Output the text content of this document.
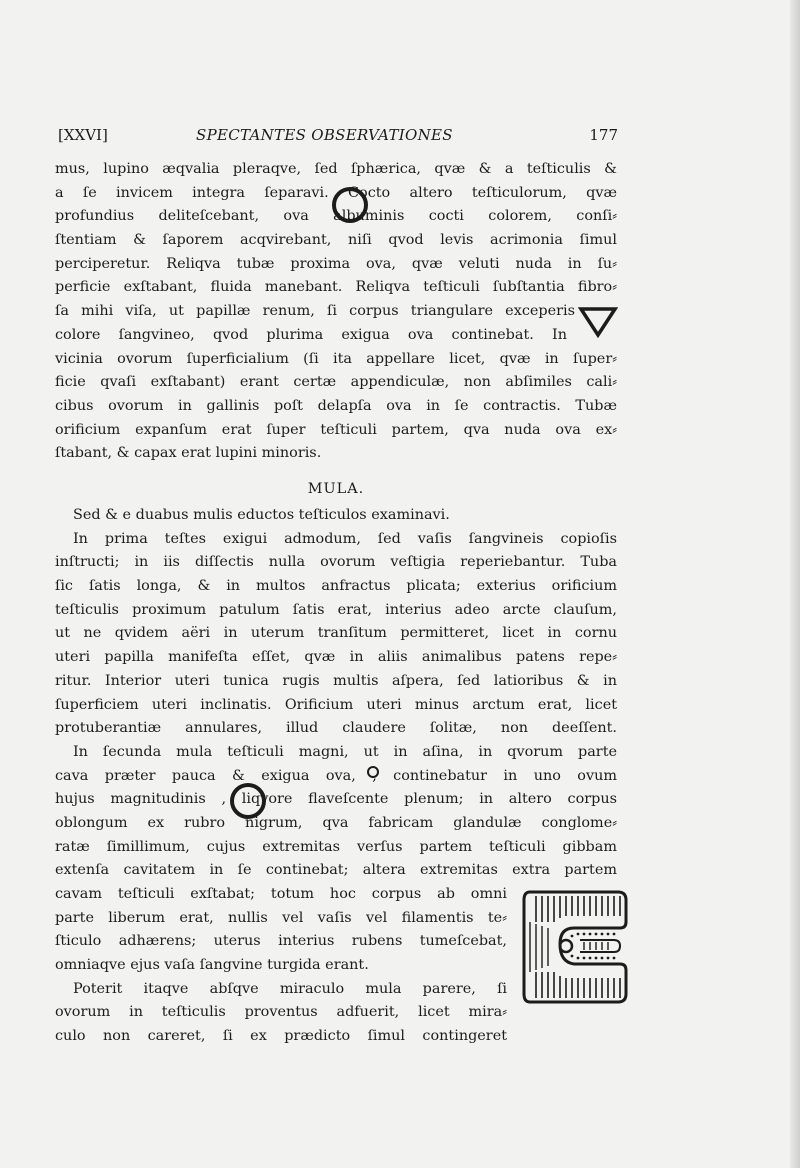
[XXVI]	SPECTANTES OBSERVATIONES	177
mus, lupino æqvalia pleraqve, ſed ſphærica, qvæ & a teſticulis &
a ſe invicem integra ſeparavi. Cocto altero teſticulorum, qvæ
profundius deliteſcebant, ova albuminis cocti colorem, conſi⸗
ſtentiam & ſaporem acqvirebant, niſi qvod levis acrimonia ſimul
perciperetur. Reliqva tubæ proxima ova, qvæ veluti nuda in ſu⸗
perficie exſtabant, fluida manebant. Reliqva teſticuli ſubſtantia fibro⸗
ſa mihi viſa, ut papillæ renum, ſi corpus triangulare exceperis
colore ſangvineo, qvod plurima exigua ova continebat. In
vicinia ovorum ſuperficialium (ſi ita appellare licet, qvæ in ſuper⸗
ficie qvaſi exſtabant) erant certæ appendiculæ, non abſimiles cali⸗
cibus ovorum in gallinis poſt delapſa ova in ſe contractis. Tubæ
orificium expanſum erat ſuper teſticuli partem, qva nuda ova ex⸗
ſtabant, & capax erat lupini minoris.
MULA.
Sed & e duabus mulis eductos teſticulos examinavi.
In prima teſtes exigui admodum, ſed vaſis ſangvineis copioſis
inſtructi; in iis diſſectis nulla ovorum veſtigia reperiebantur. Tuba
ſic ſatis longa, & in multos anfractus plicata; exterius orificium
teſticulis proximum patulum ſatis erat, interius adeo arcte clauſum,
ut ne qvidem aëri in uterum tranſitum permitteret, licet in cornu
uteri papilla manifeſta eſſet, qvæ in aliis animalibus patens repe⸗
ritur. Interior uteri tunica rugis multis aſpera, ſed latioribus & in
ſuperficiem uteri inclinatis. Orificium uteri minus arctum erat, licet
protuberantiæ annulares, illud claudere ſolitæ, non deeſſent.
In ſecunda mula teſticuli magni, ut in aſina, in qvorum parte
cava præter pauca & exigua ova, , continebatur in uno ovum
hujus magnitudinis , liqvore flaveſcente plenum; in altero corpus
oblongum ex rubro nigrum, qva fabricam glandulæ conglome⸗
ratæ ſimillimum, cujus extremitas verſus partem teſticuli gibbam
extenſa cavitatem in ſe continebat; altera extremitas extra partem
cavam teſticuli exſtabat; totum hoc corpus ab omni
parte liberum erat, nullis vel vaſis vel filamentis te⸗
ſticulo adhærens; uterus interius rubens tumeſcebat,
omniaqve ejus vaſa ſangvine turgida erant.
Poterit itaqve abſqve miraculo mula parere, ſi
ovorum in teſticulis proventus adfuerit, licet mira⸗
culo non careret, ſi ex prædicto ſimul contingeret
